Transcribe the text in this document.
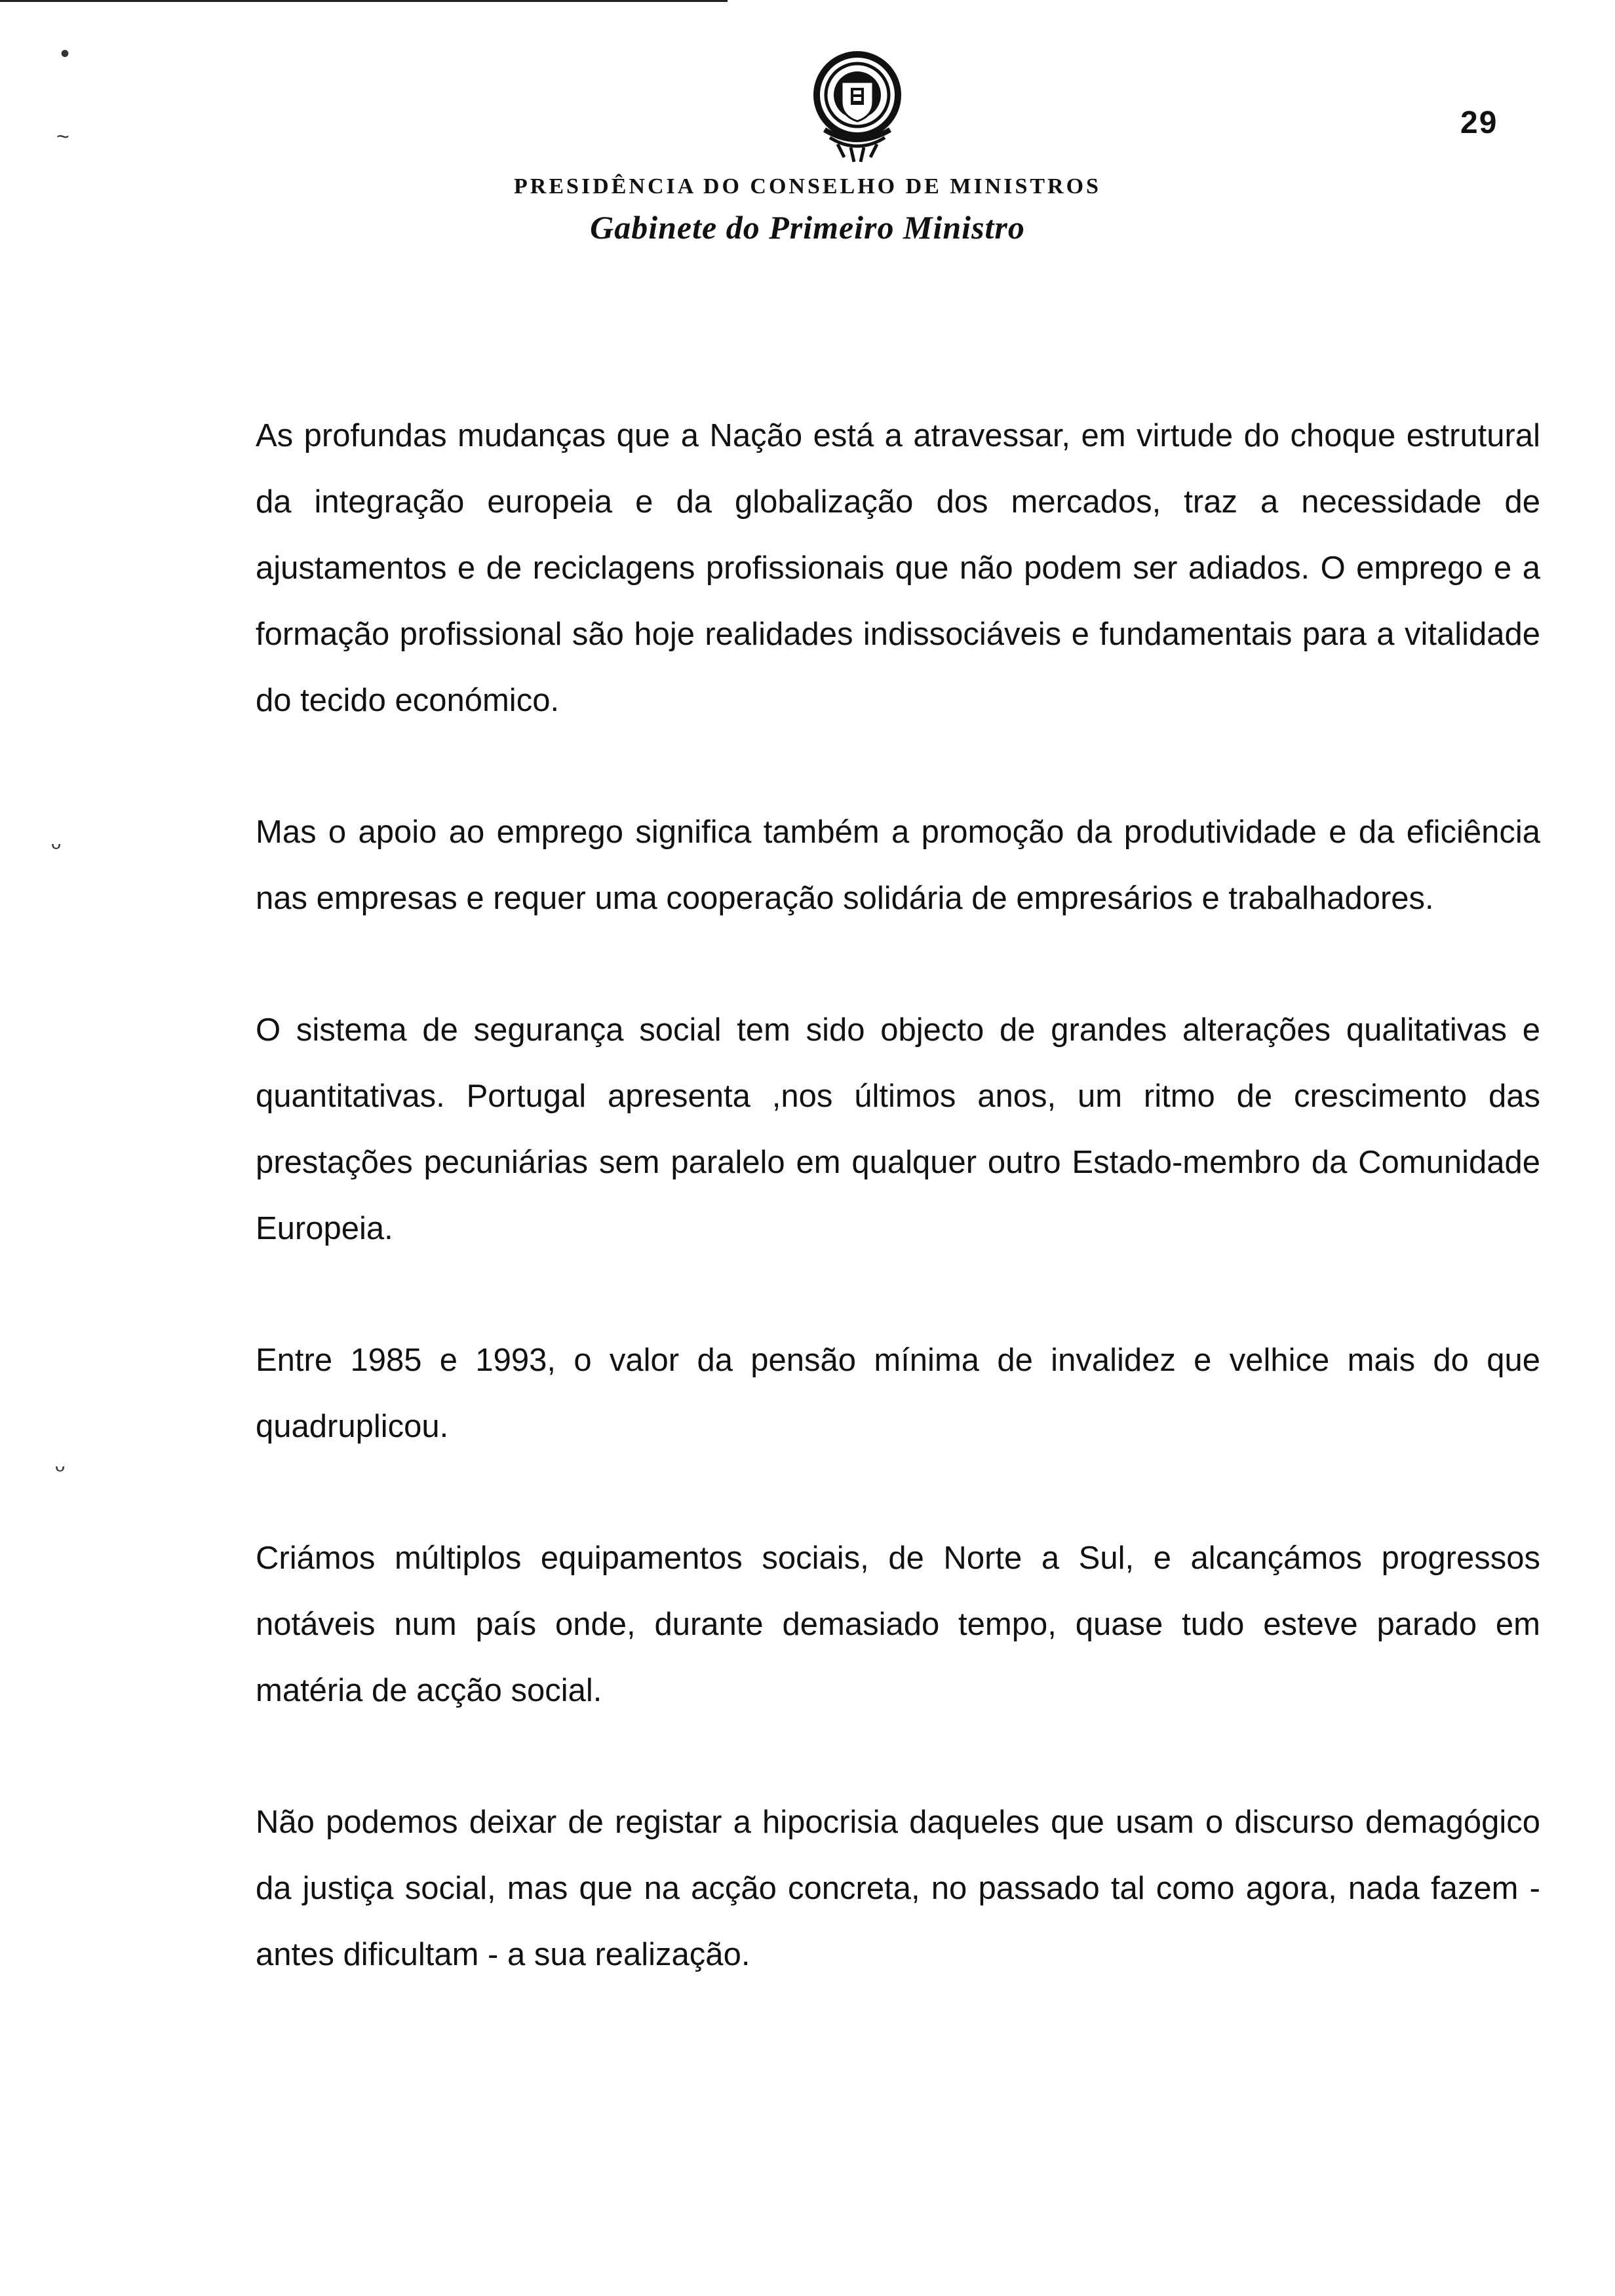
•
~
ᵕ
ᵕ
29
PRESIDÊNCIA DO CONSELHO DE MINISTROS
Gabinete do Primeiro Ministro

As profundas mudanças que a Nação está a atravessar, em virtude do choque estrutural da integração europeia e da globalização dos mercados, traz a necessidade de ajustamentos e de reciclagens profissionais que não podem ser adiados. O emprego e a formação profissional são hoje realidades indissociáveis e fundamentais para a vitalidade do tecido económico.

Mas o apoio ao emprego significa também a promoção da produtividade e da eficiência nas empresas e requer uma cooperação solidária de empresários e trabalhadores.

O sistema de segurança social tem sido objecto de grandes alterações qualitativas e quantitativas. Portugal apresenta ,nos últimos anos, um ritmo de crescimento das prestações pecuniárias sem paralelo em qualquer outro Estado-membro da Comunidade Europeia.

Entre 1985 e 1993, o valor da pensão mínima de invalidez e velhice mais do que quadruplicou.

Criámos múltiplos equipamentos sociais, de Norte a Sul, e alcançámos progressos notáveis num país onde, durante demasiado tempo, quase tudo esteve parado em matéria de acção social.

Não podemos deixar de registar a hipocrisia daqueles que usam o discurso demagógico da justiça social, mas que na acção concreta, no passado tal como agora, nada fazem - antes dificultam - a sua realização.
